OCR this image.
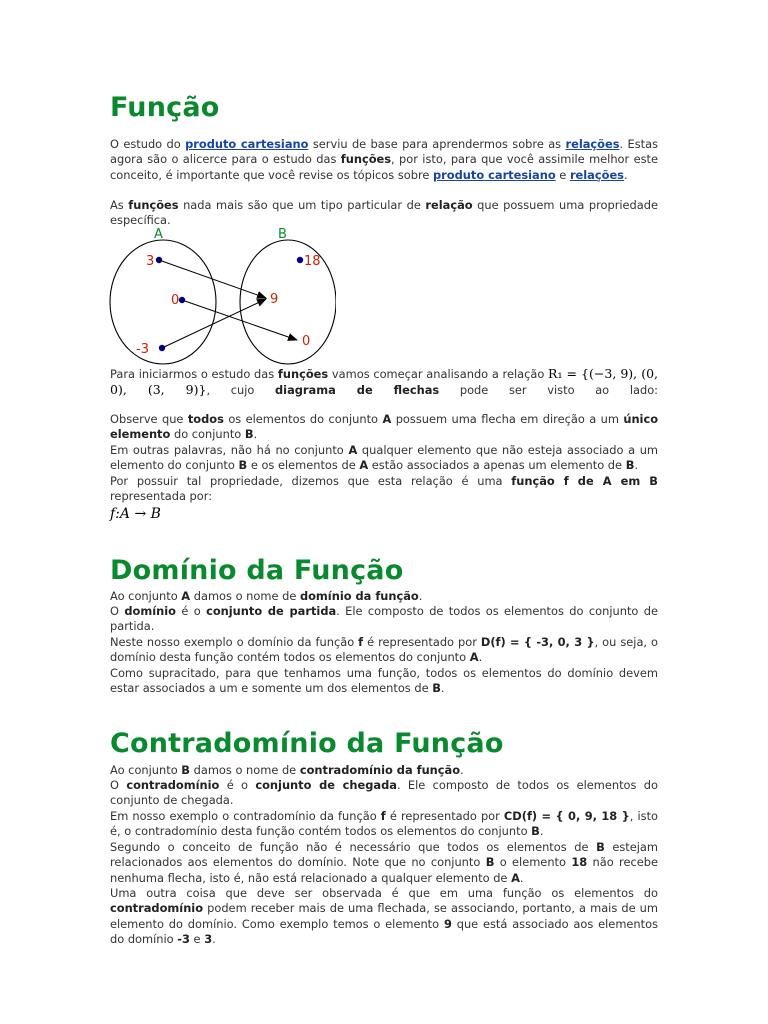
Função

O estudo do produto cartesiano serviu de base para aprendermos sobre as relações. Estas agora são o alicerce para o estudo das funções, por isto, para que você assimile melhor este conceito, é importante que você revise os tópicos sobre produto cartesiano e relações.

As funções nada mais são que um tipo particular de relação que possuem uma propriedade específica.

A	B
3
0
-3
18
9
0

Para iniciarmos o estudo das funções vamos começar analisando a relação R₁ = {(−3, 9), (0, 0), (3, 9)}, cujo diagrama de flechas pode ser visto ao lado:

Observe que todos os elementos do conjunto A possuem uma flecha em direção a um único elemento do conjunto B.

Em outras palavras, não há no conjunto A qualquer elemento que não esteja associado a um elemento do conjunto B e os elementos de A estão associados a apenas um elemento de B.

Por possuir tal propriedade, dizemos que esta relação é uma função f de A em B representada por:

f:A → B
Domínio da Função

Ao conjunto A damos o nome de domínio da função.

O domínio é o conjunto de partida. Ele composto de todos os elementos do conjunto de partida.

Neste nosso exemplo o domínio da função f é representado por D(f) = { -3, 0, 3 }, ou seja, o domínio desta função contém todos os elementos do conjunto A.

Como supracitado, para que tenhamos uma função, todos os elementos do domínio devem estar associados a um e somente um dos elementos de B.

Contradomínio da Função

Ao conjunto B damos o nome de contradomínio da função.

O contradomínio é o conjunto de chegada. Ele composto de todos os elementos do conjunto de chegada.

Em nosso exemplo o contradomínio da função f é representado por CD(f) = { 0, 9, 18 }, isto é, o contradomínio desta função contém todos os elementos do conjunto B.

Segundo o conceito de função não é necessário que todos os elementos de B estejam relacionados aos elementos do domínio. Note que no conjunto B o elemento 18 não recebe nenhuma flecha, isto é, não está relacionado a qualquer elemento de A.

Uma outra coisa que deve ser observada é que em uma função os elementos do contradomínio podem receber mais de uma flechada, se associando, portanto, a mais de um elemento do domínio. Como exemplo temos o elemento 9 que está associado aos elementos do domínio -3 e 3.
